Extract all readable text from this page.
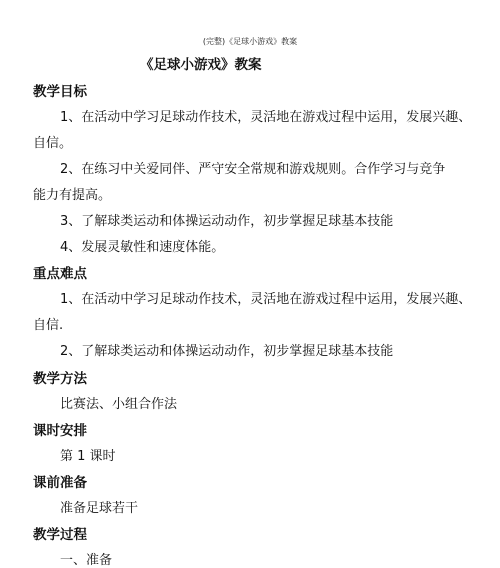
(完整)《足球小游戏》教案
《足球小游戏》教案
教学目标
1、在活动中学习足球动作技术，灵活地在游戏过程中运用，发展兴趣、
自信。
2、在练习中关爱同伴、严守安全常规和游戏规则。合作学习与竞争
能力有提高。
3、了解球类运动和体操运动动作，初步掌握足球基本技能
4、发展灵敏性和速度体能。
重点难点
1、在活动中学习足球动作技术，灵活地在游戏过程中运用，发展兴趣、
自信.
2、了解球类运动和体操运动动作，初步掌握足球基本技能
教学方法
比赛法、小组合作法
课时安排
第 1 课时
课前准备
准备足球若干
教学过程
一、准备
